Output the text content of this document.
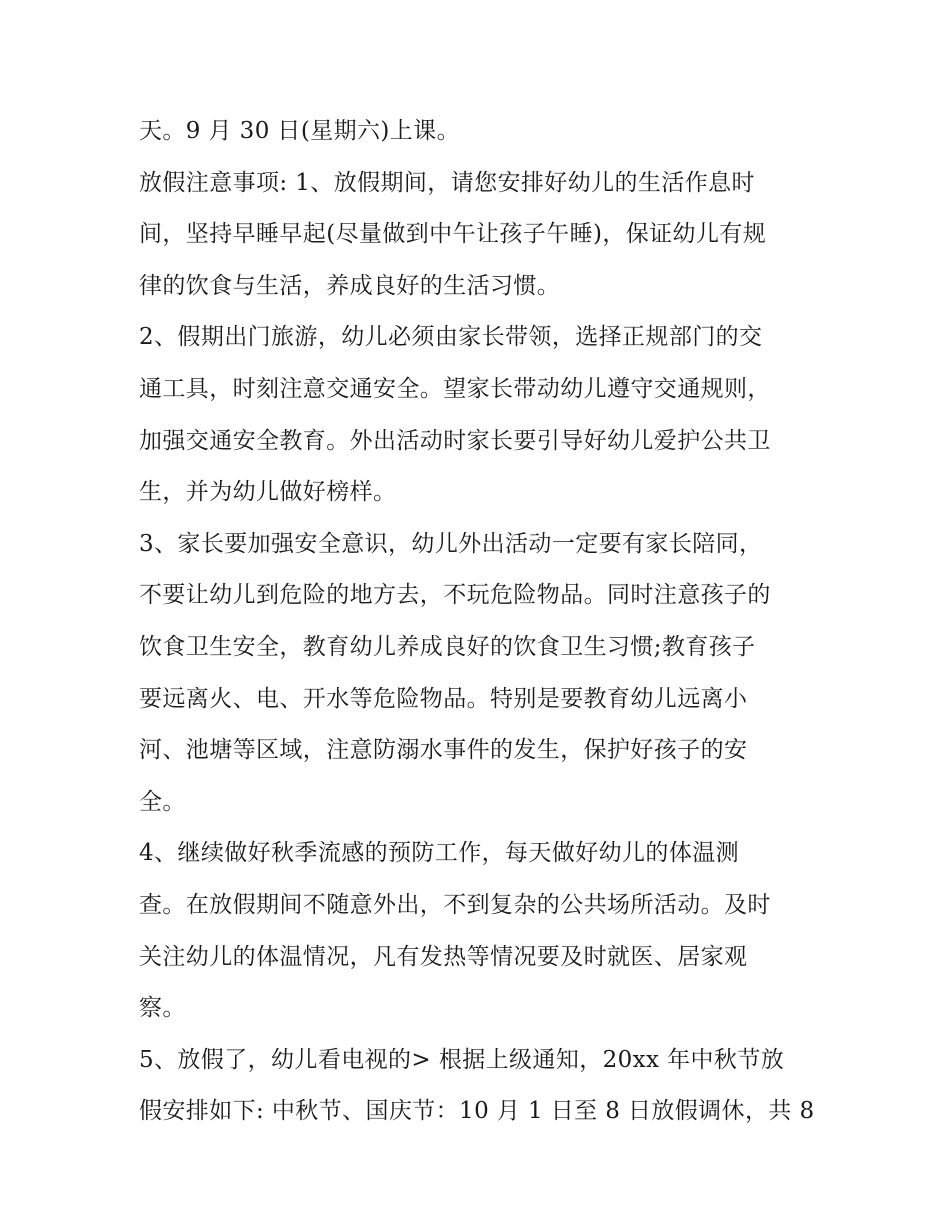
天。9 月 30 日(星期六)上课。
放假注意事项: 1、放假期间，请您安排好幼儿的生活作息时
间，坚持早睡早起(尽量做到中午让孩子午睡)，保证幼儿有规
律的饮食与生活，养成良好的生活习惯。
2、假期出门旅游，幼儿必须由家长带领，选择正规部门的交
通工具，时刻注意交通安全。望家长带动幼儿遵守交通规则，
加强交通安全教育。外出活动时家长要引导好幼儿爱护公共卫
生，并为幼儿做好榜样。
3、家长要加强安全意识，幼儿外出活动一定要有家长陪同，
不要让幼儿到危险的地方去，不玩危险物品。同时注意孩子的
饮食卫生安全，教育幼儿养成良好的饮食卫生习惯;教育孩子
要远离火、电、开水等危险物品。特别是要教育幼儿远离小
河、池塘等区域，注意防溺水事件的发生，保护好孩子的安
全。
4、继续做好秋季流感的预防工作，每天做好幼儿的体温测
查。在放假期间不随意外出，不到复杂的公共场所活动。及时
关注幼儿的体温情况，凡有发热等情况要及时就医、居家观
察。
5、放假了，幼儿看电视的> 根据上级通知，20xx 年中秋节放
假安排如下: 中秋节、国庆节：10 月 1 日至 8 日放假调休，共 8
